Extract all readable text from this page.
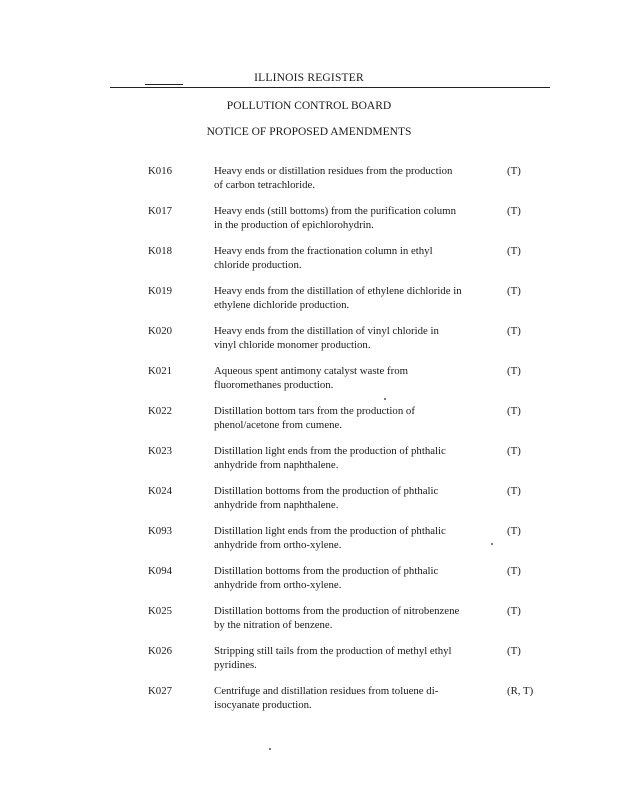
ILLINOIS REGISTER
POLLUTION CONTROL BOARD
NOTICE OF PROPOSED AMENDMENTS
K016	Heavy ends or distillation residues from the production
of carbon tetrachloride.
(T)
K017	Heavy ends (still bottoms) from the purification column
in the production of epichlorohydrin.
(T)
K018	Heavy ends from the fractionation column in ethyl
chloride production.
(T)
K019	Heavy ends from the distillation of ethylene dichloride in
ethylene dichloride production.
(T)
K020	Heavy ends from the distillation of vinyl chloride in
vinyl chloride monomer production.
(T)
K021	Aqueous spent antimony catalyst waste from
fluoromethanes production.
(T)
K022	Distillation bottom tars from the production of
phenol/acetone from cumene.
(T)
K023	Distillation light ends from the production of phthalic
anhydride from naphthalene.
(T)
K024	Distillation bottoms from the production of phthalic
anhydride from naphthalene.
(T)
K093	Distillation light ends from the production of phthalic
anhydride from ortho-xylene.
(T)
K094	Distillation bottoms from the production of phthalic
anhydride from ortho-xylene.
(T)
K025	Distillation bottoms from the production of nitrobenzene
by the nitration of benzene.
(T)
K026	Stripping still tails from the production of methyl ethyl
pyridines.
(T)
K027	Centrifuge and distillation residues from toluene di-
isocyanate production.
(R, T)
